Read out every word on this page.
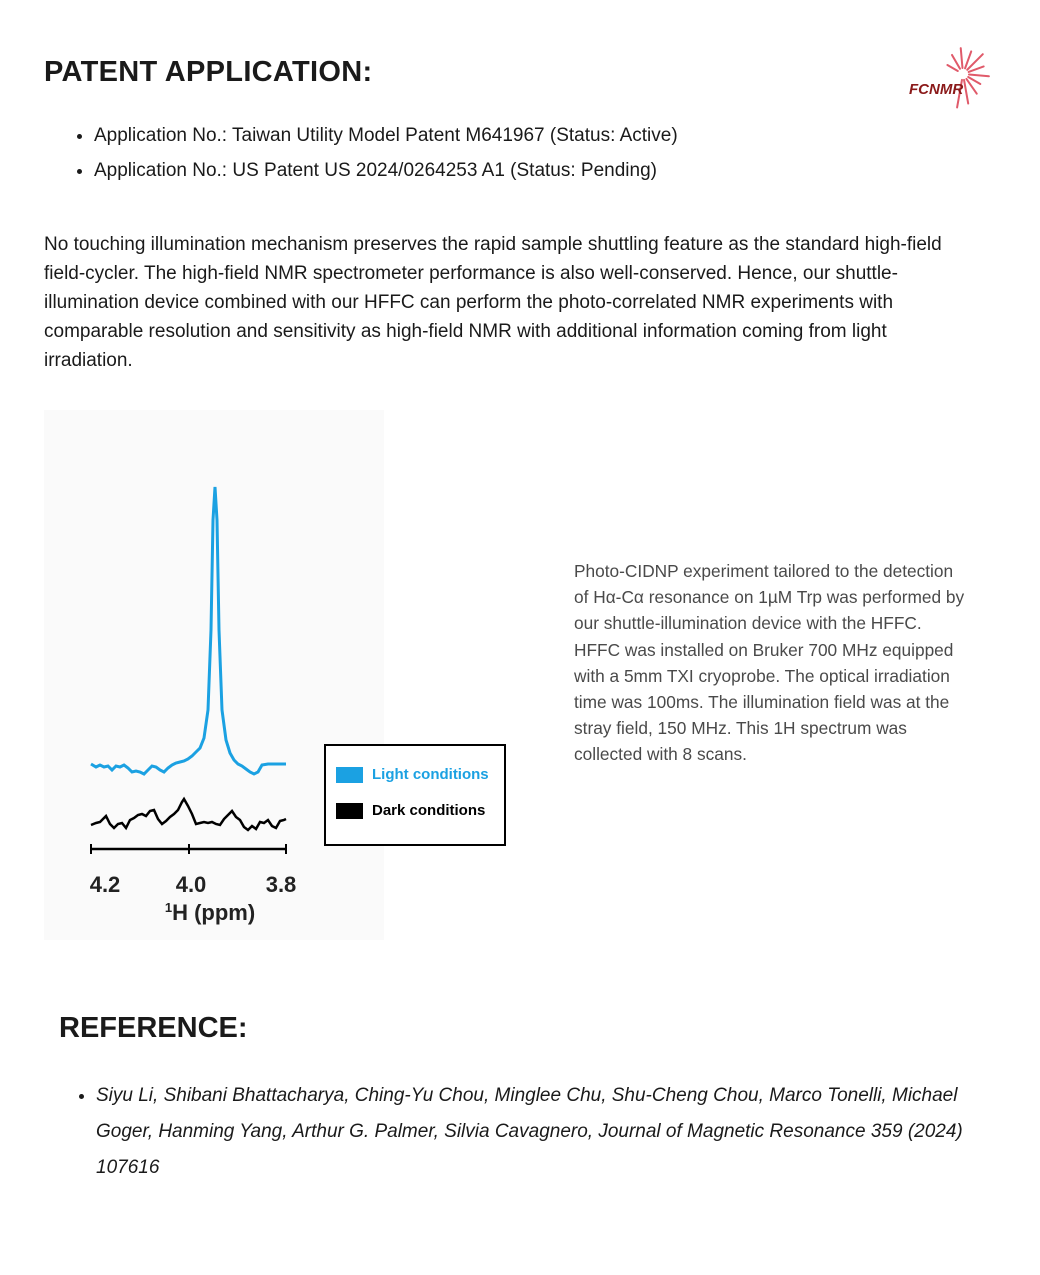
PATENT APPLICATION:
FCNMR
• Application No.: Taiwan Utility Model Patent M641967 (Status: Active)
• Application No.: US Patent US 2024/0264253 A1 (Status: Pending)

No touching illumination mechanism preserves the rapid sample shuttling feature as the standard high-field field-cycler. The high-field NMR spectrometer performance is also well-conserved. Hence, our shuttle-illumination device combined with our HFFC can perform the photo-correlated NMR experiments with comparable resolution and sensitivity as high-field NMR with additional information coming from light irradiation.

4.2	4.0	3.8
$^1$H (ppm)
Light conditions
Dark conditions

Photo-CIDNP experiment tailored to the detection of Hα-Cα resonance on 1µM Trp was performed by our shuttle-illumination device with the HFFC. HFFC was installed on Bruker 700 MHz equipped with a 5mm TXI cryoprobe. The optical irradiation time was 100ms. The illumination field was at the stray field, 150 MHz. This 1H spectrum was collected with 8 scans.

REFERENCE:
• Siyu Li, Shibani Bhattacharya, Ching-Yu Chou, Minglee Chu, Shu-Cheng Chou, Marco Tonelli, Michael Goger, Hanming Yang, Arthur G. Palmer, Silvia Cavagnero, Journal of Magnetic Resonance 359 (2024) 107616
